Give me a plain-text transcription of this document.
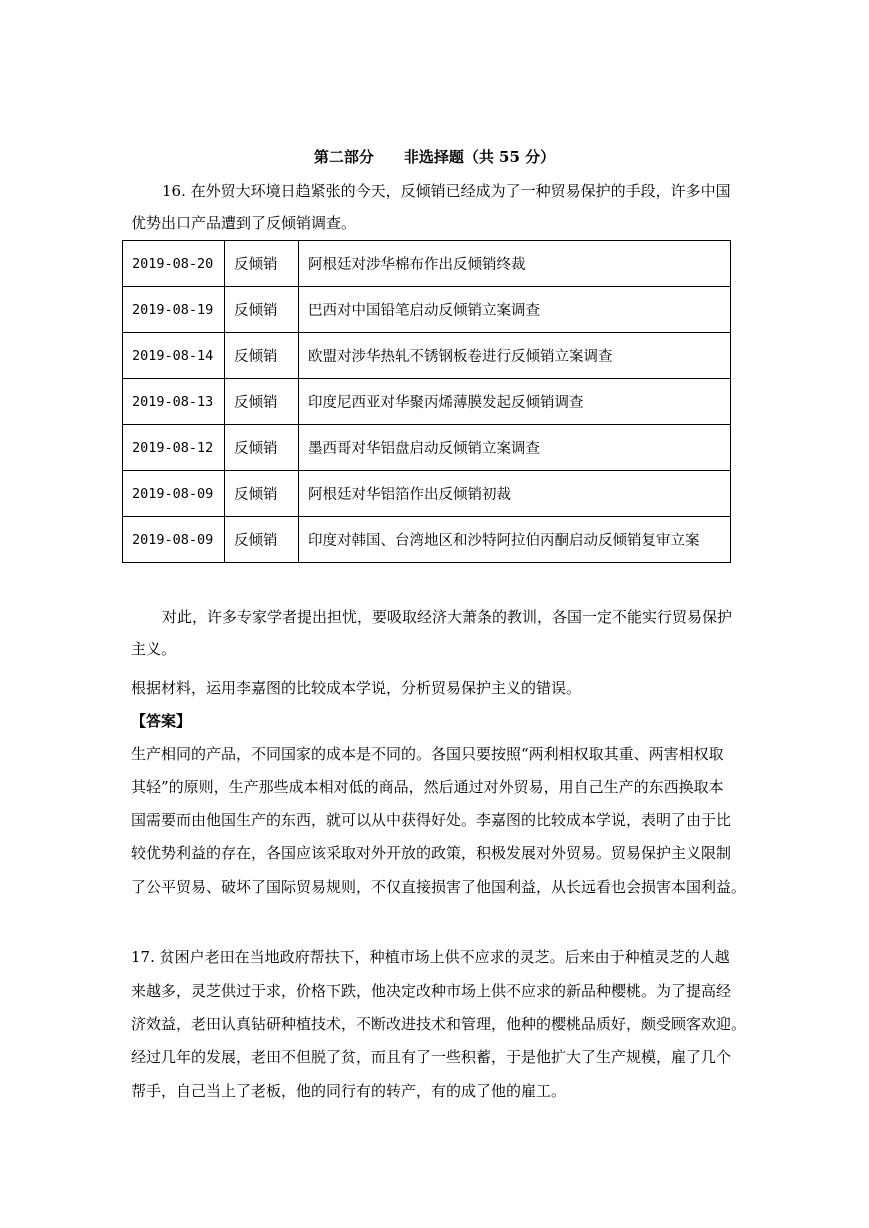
第二部分　　非选择题（共 55 分）
16. 在外贸大环境日趋紧张的今天，反倾销已经成为了一种贸易保护的手段，许多中国
优势出口产品遭到了反倾销调查。
2019-08-20	反倾销	阿根廷对涉华棉布作出反倾销终裁
2019-08-19	反倾销	巴西对中国铅笔启动反倾销立案调查
2019-08-14	反倾销	欧盟对涉华热轧不锈钢板卷进行反倾销立案调查
2019-08-13	反倾销	印度尼西亚对华聚丙烯薄膜发起反倾销调查
2019-08-12	反倾销	墨西哥对华铝盘启动反倾销立案调查
2019-08-09	反倾销	阿根廷对华铝箔作出反倾销初裁
2019-08-09	反倾销	印度对韩国、台湾地区和沙特阿拉伯丙酮启动反倾销复审立案
对此，许多专家学者提出担忧，要吸取经济大萧条的教训，各国一定不能实行贸易保护
主义。
根据材料，运用李嘉图的比较成本学说，分析贸易保护主义的错误。
【答案】
生产相同的产品，不同国家的成本是不同的。各国只要按照“两利相权取其重、两害相权取
其轻”的原则，生产那些成本相对低的商品，然后通过对外贸易，用自己生产的东西换取本
国需要而由他国生产的东西，就可以从中获得好处。李嘉图的比较成本学说，表明了由于比
较优势利益的存在，各国应该采取对外开放的政策，积极发展对外贸易。贸易保护主义限制
了公平贸易、破坏了国际贸易规则，不仅直接损害了他国利益，从长远看也会损害本国利益。
17. 贫困户老田在当地政府帮扶下，种植市场上供不应求的灵芝。后来由于种植灵芝的人越
来越多，灵芝供过于求，价格下跌，他决定改种市场上供不应求的新品种樱桃。为了提高经
济效益，老田认真钻研种植技术，不断改进技术和管理，他种的樱桃品质好，颇受顾客欢迎。
经过几年的发展，老田不但脱了贫，而且有了一些积蓄，于是他扩大了生产规模，雇了几个
帮手，自己当上了老板，他的同行有的转产，有的成了他的雇工。
